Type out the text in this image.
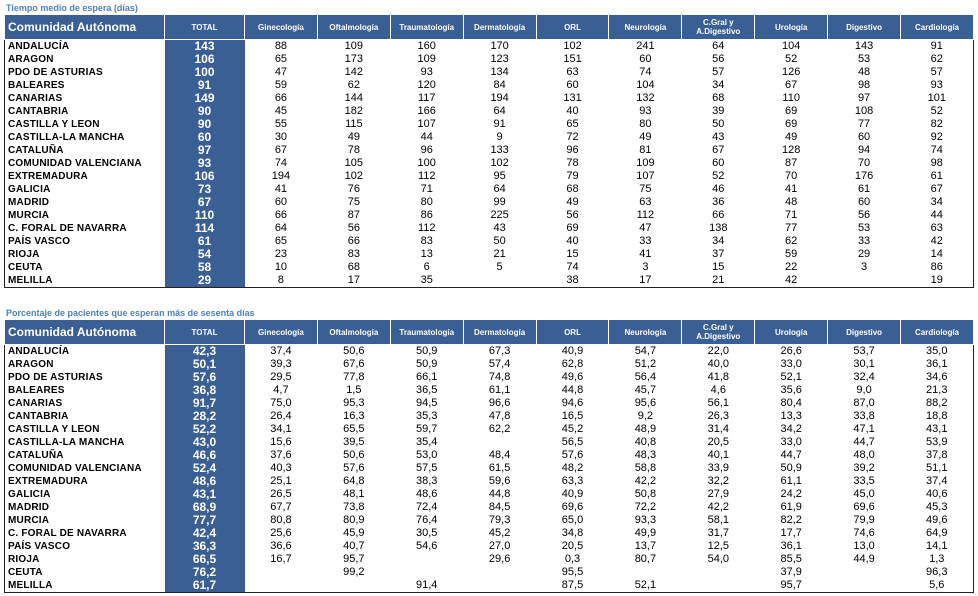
Tiempo medio de espera (días)
Comunidad Autónoma	TOTAL	Ginecología	Oftalmología	Traumatología	Dermatología	ORL	Neurología	C.Gral y
A.Digestivo	Urología	Digestivo	Cardiología
ANDALUCÍA	143	88	109	160	170	102	241	64	104	143	91
ARAGON	106	65	173	109	123	151	60	56	52	53	62
PDO DE ASTURIAS	100	47	142	93	134	63	74	57	126	48	57
BALEARES	91	59	62	120	84	60	104	34	67	98	93
CANARIAS	149	66	144	117	194	131	132	68	110	97	101
CANTABRIA	90	45	182	166	64	40	93	39	69	108	52
CASTILLA Y LEON	90	55	115	107	91	65	80	50	69	77	82
CASTILLA-LA MANCHA	60	30	49	44	9	72	49	43	49	60	92
CATALUÑA	97	67	78	96	133	96	81	67	128	94	74
COMUNIDAD VALENCIANA	93	74	105	100	102	78	109	60	87	70	98
EXTREMADURA	106	194	102	112	95	79	107	52	70	176	61
GALICIA	73	41	76	71	64	68	75	46	41	61	67
MADRID	67	60	75	80	99	49	63	36	48	60	34
MURCIA	110	66	87	86	225	56	112	66	71	56	44
C. FORAL DE NAVARRA	114	64	56	112	43	69	47	138	77	53	63
PAÍS VASCO	61	65	66	83	50	40	33	34	62	33	42
RIOJA	54	23	83	13	21	15	41	37	59	29	14
CEUTA	58	10	68	6	5	74	3	15	22	3	86
MELILLA	29	8	17	35		38	17	21	42		19
Porcentaje de pacientes que esperan más de sesenta días
Comunidad Autónoma	TOTAL	Ginecología	Oftalmología	Traumatología	Dermatología	ORL	Neurología	C.Gral y
A.Digestivo	Urología	Digestivo	Cardiología
ANDALUCÍA	42,3	37,4	50,6	50,9	67,3	40,9	54,7	22,0	26,6	53,7	35,0
ARAGON	50,1	39,3	67,6	50,9	57,4	62,8	51,2	40,0	33,0	30,1	36,1
PDO DE ASTURIAS	57,6	29,5	77,8	66,1	74,8	49,6	56,4	41,8	52,1	32,4	34,6
BALEARES	36,8	4,7	1,5	36,5	61,1	44,8	45,7	4,6	35,6	9,0	21,3
CANARIAS	91,7	75,0	95,3	94,5	96,6	94,6	95,6	56,1	80,4	87,0	88,2
CANTABRIA	28,2	26,4	16,3	35,3	47,8	16,5	9,2	26,3	13,3	33,8	18,8
CASTILLA Y LEON	52,2	34,1	65,5	59,7	62,2	45,2	48,9	31,4	34,2	47,1	43,1
CASTILLA-LA MANCHA	43,0	15,6	39,5	35,4		56,5	40,8	20,5	33,0	44,7	53,9
CATALUÑA	46,6	37,6	50,6	53,0	48,4	57,6	48,3	40,1	44,7	48,0	37,8
COMUNIDAD VALENCIANA	52,4	40,3	57,6	57,5	61,5	48,2	58,8	33,9	50,9	39,2	51,1
EXTREMADURA	48,6	25,1	64,8	38,3	59,6	63,3	42,2	32,2	61,1	33,5	37,4
GALICIA	43,1	26,5	48,1	48,6	44,8	40,9	50,8	27,9	24,2	45,0	40,6
MADRID	68,9	67,7	73,8	72,4	84,5	69,6	72,2	42,2	61,9	69,6	45,3
MURCIA	77,7	80,8	80,9	76,4	79,3	65,0	93,3	58,1	82,2	79,9	49,6
C. FORAL DE NAVARRA	42,4	25,6	45,9	30,5	45,2	34,8	49,9	31,7	17,7	74,6	64,9
PAÍS VASCO	36,3	36,6	40,7	54,6	27,0	20,5	13,7	12,5	36,1	13,0	14,1
RIOJA	66,5	16,7	95,7		29,6	0,3	80,7	54,0	85,5	44,9	1,3
CEUTA	76,2		99,2			95,5			37,9		96,3
MELILLA	61,7			91,4		87,5	52,1		95,7		5,6
